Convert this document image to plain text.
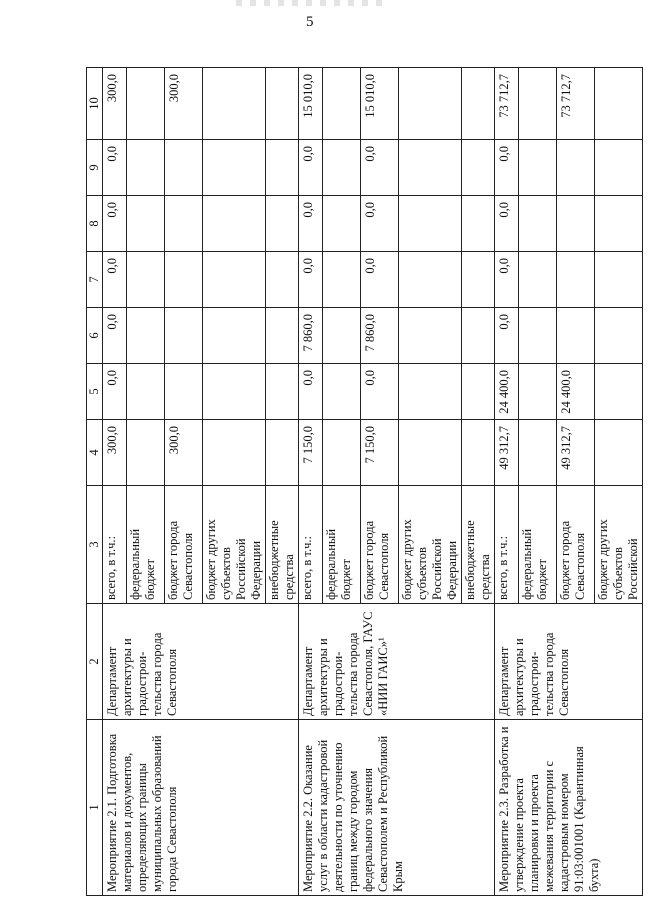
5
1	2	3	4	5	6	7	8	9	10
Мероприятие 2.1. Подготовка материалов и документов, определяющих границы муниципальных образований города Севастополя	Департамент архитектуры и градострои-тельства города Севастополя	всего, в т.ч.:	300,0	0,0	0,0	0,0	0,0	0,0	300,0
		федеральный бюджет							
		бюджет города Севастополя	300,0						300,0
		бюджет других субъектов Российской Федерации							
		внебюджетные средства							
Мероприятие 2.2. Оказание услуг в области кадастровой деятельности по уточнению границ между городом федерального значения Севастополем и Республикой Крым	Департамент архитектуры и градострои-тельства города Севастополя, ГАУС «НИИ ГАИС»¹	всего, в т.ч.:	7 150,0	0,0	7 860,0	0,0	0,0	0,0	15 010,0
		федеральный бюджет							
		бюджет города Севастополя	7 150,0	0,0	7 860,0	0,0	0,0	0,0	15 010,0
		бюджет других субъектов Российской Федерации							
		внебюджетные средства							
Мероприятие 2.3. Разработка и утверждение проекта планировки и проекта межевания территории с кадастровым номером 91:03:001001 (Карантинная бухта)	Департамент архитектуры и градострои-тельства города Севастополя	всего, в т.ч.:	49 312,7	24 400,0	0,0	0,0	0,0	0,0	73 712,7
		федеральный бюджет							
		бюджет города Севастополя	49 312,7	24 400,0					73 712,7
		бюджет других субъектов Российской							
